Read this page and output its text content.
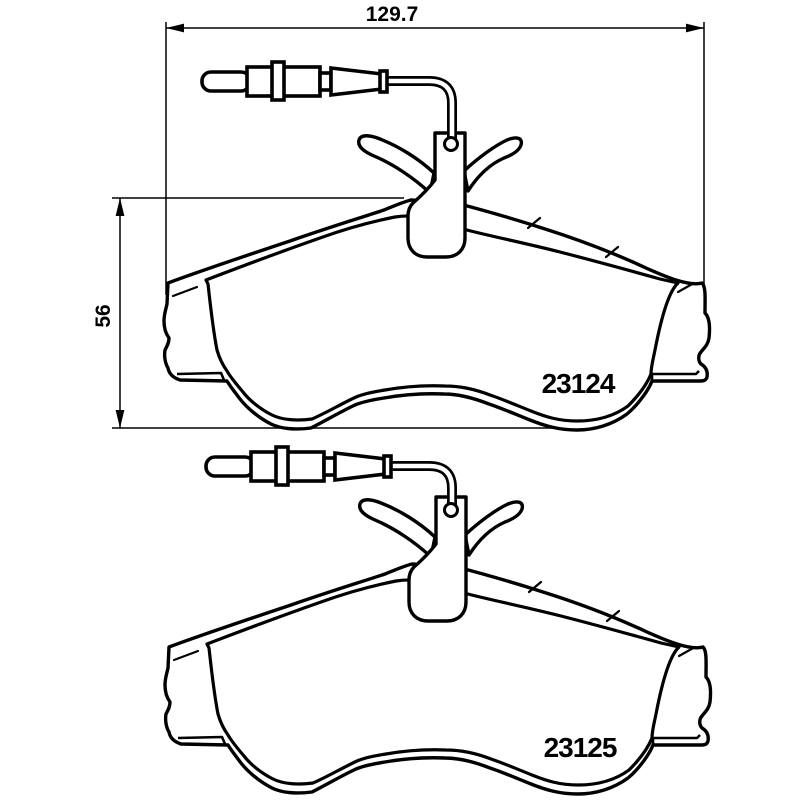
129.7
56
23124
23125
